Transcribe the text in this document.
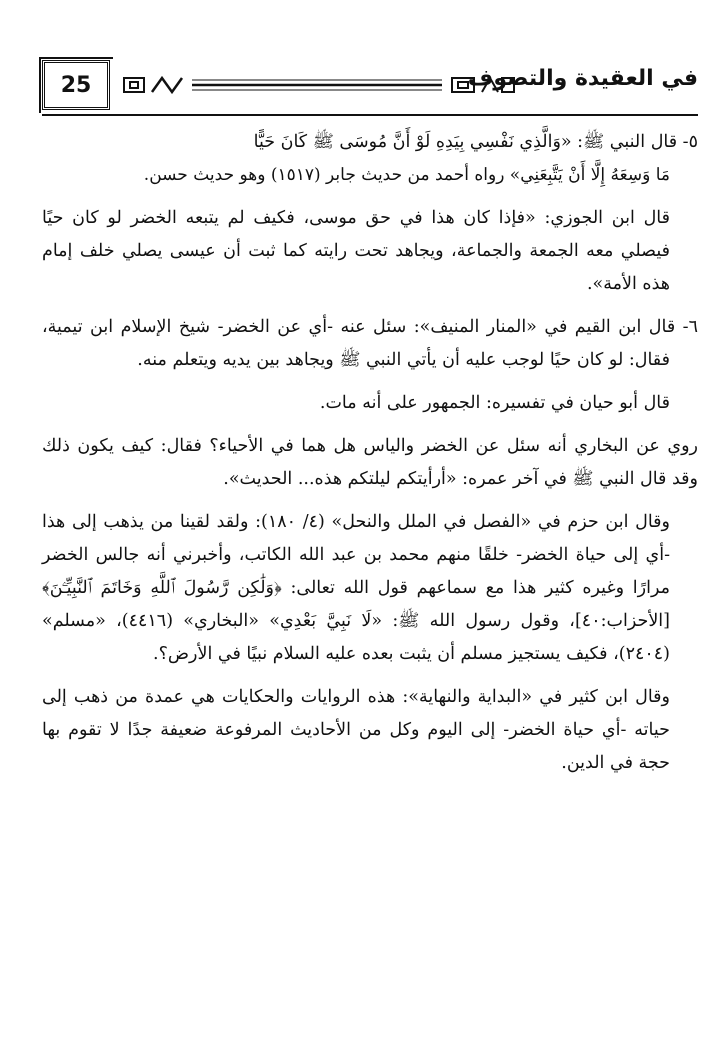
25	في العقيدة والتصوف

٥- قال النبي ﷺ: «وَالَّذِي نَفْسِي بِيَدِهِ لَوْ أَنَّ مُوسَى ﷺ كَانَ حَيًّا

مَا وَسِعَهُ إِلَّا أَنْ يَتَّبِعَنِي» رواه أحمد من حديث جابر (١٥١٧) وهو حديث حسن.

قال ابن الجوزي: «فإذا كان هذا في حق موسى، فكيف لم يتبعه الخضر لو كان حيًا فيصلي معه الجمعة والجماعة، ويجاهد تحت رايته كما ثبت أن عيسى يصلي خلف إمام هذه الأمة».

٦- قال ابن القيم في «المنار المنيف»: سئل عنه -أي عن الخضر- شيخ الإسلام ابن تيمية، فقال: لو كان حيًا لوجب عليه أن يأتي النبي ﷺ ويجاهد بين يديه ويتعلم منه.

قال أبو حيان في تفسيره: الجمهور على أنه مات.

روي عن البخاري أنه سئل عن الخضر والياس هل هما في الأحياء؟ فقال: كيف يكون ذلك وقد قال النبي ﷺ في آخر عمره: «أرأيتكم ليلتكم هذه... الحديث».

وقال ابن حزم في «الفصل في الملل والنحل» (٤/ ١٨٠): ولقد لقينا من يذهب إلى هذا -أي إلى حياة الخضر- خلقًا منهم محمد بن عبد الله الكاتب، وأخبرني أنه جالس الخضر مرارًا وغيره كثير هذا مع سماعهم قول الله تعالى: ﴿وَلَٰكِن رَّسُولَ ٱللَّهِ وَخَاتَمَ ٱلنَّبِيِّـۧنَ﴾ [الأحزاب:٤٠]، وقول رسول الله ﷺ: «لَا نَبِيَّ بَعْدِي» «البخاري» (٤٤١٦)، «مسلم» (٢٤٠٤)، فكيف يستجيز مسلم أن يثبت بعده عليه السلام نبيًا في الأرض؟.

وقال ابن كثير في «البداية والنهاية»: هذه الروايات والحكايات هي عمدة من ذهب إلى حياته -أي حياة الخضر- إلى اليوم وكل من الأحاديث المرفوعة ضعيفة جدًا لا تقوم بها حجة في الدين.
